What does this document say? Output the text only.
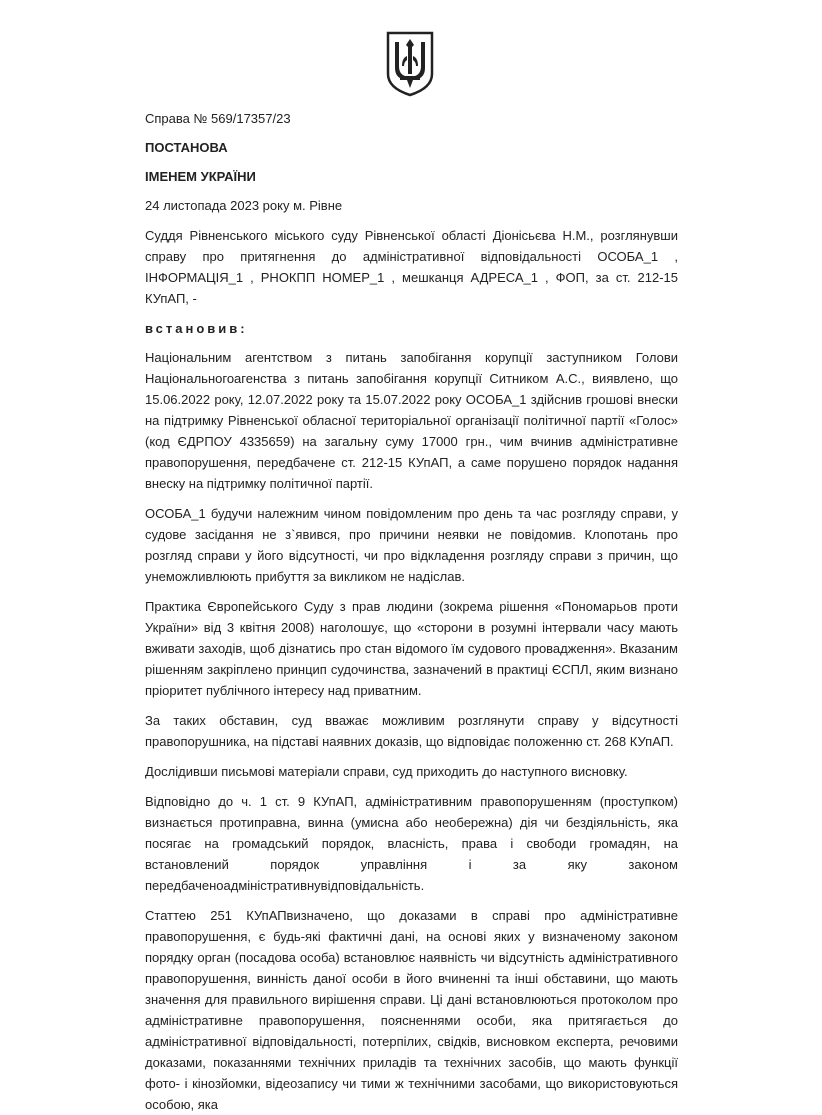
Справа № 569/17357/23

ПОСТАНОВА

ІМЕНЕМ УКРАЇНИ

24 листопада 2023 року м. Рівне

Суддя Рівненського міського суду Рівненської області Діонісьєва Н.М., розглянувши справу про притягнення до адміністративної відповідальності ОСОБА_1 , ІНФОРМАЦІЯ_1 , РНОКПП НОМЕР_1 , мешканця АДРЕСА_1 , ФОП, за ст. 212-15 КУпАП, -

встановив:

Національним агентством з питань запобігання корупції заступником Голови Національногоагенства з питань запобігання корупції Ситником А.С., виявлено, що 15.06.2022 року, 12.07.2022 року та 15.07.2022 року ОСОБА_1 здійснив грошові внески на підтримку Рівненської обласної територіальної організації політичної партії «Голос» (код ЄДРПОУ 4335659) на загальну суму 17000 грн., чим вчинив адміністративне правопорушення, передбачене ст. 212-15 КУпАП, а саме порушено порядок надання внеску на підтримку політичної партії.

ОСОБА_1 будучи належним чином повідомленим про день та час розгляду справи, у судове засідання не з`явився, про причини неявки не повідомив. Клопотань про розгляд справи у його відсутності, чи про відкладення розгляду справи з причин, що унеможливлюють прибуття за викликом не надіслав.

Практика Європейського Суду з прав людини (зокрема рішення «Пономарьов проти України» від 3 квітня 2008) наголошує, що «сторони в розумні інтервали часу мають вживати заходів, щоб дізнатись про стан відомого їм судового провадження». Вказаним рішенням закріплено принцип судочинства, зазначений в практиці ЄСПЛ, яким визнано пріоритет публічного інтересу над приватним.

За таких обставин, суд вважає можливим розглянути справу у відсутності правопорушника, на підставі наявних доказів, що відповідає положенню ст. 268 КУпАП.

Дослідивши письмові матеріали справи, суд приходить до наступного висновку.

Відповідно до ч. 1 ст. 9 КУпАП, адміністративним правопорушенням (проступком) визнається протиправна, винна (умисна або необережна) дія чи бездіяльність, яка посягає на громадський порядок, власність, права і свободи громадян, на встановлений порядок управління і за яку законом передбаченоадміністративнувідповідальність.

Статтею 251 КУпАПвизначено, що доказами в справі про адміністративне правопорушення, є будь-які фактичні дані, на основі яких у визначеному законом порядку орган (посадова особа) встановлює наявність чи відсутність адміністративного правопорушення, винність даної особи в його вчиненні та інші обставини, що мають значення для правильного вирішення справи. Ці дані встановлюються протоколом про адміністративне правопорушення, поясненнями особи, яка притягається до адміністративної відповідальності, потерпілих, свідків, висновком експерта, речовими доказами, показаннями технічних приладів та технічних засобів, що мають функції фото- і кінозйомки, відеозапису чи тими ж технічними засобами, що використовуються особою, яка
